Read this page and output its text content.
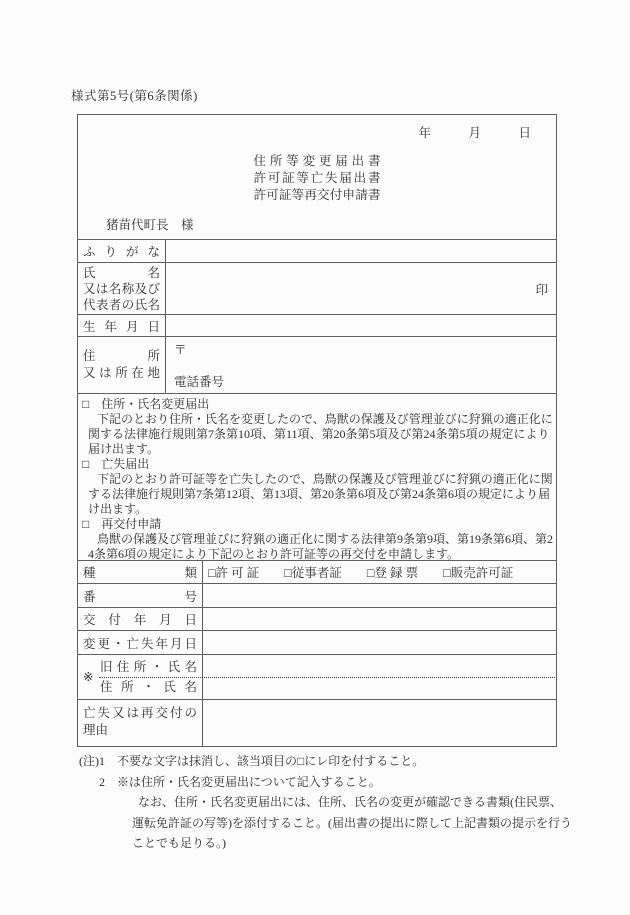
様式第5号(第6条関係)
年　　　月　　　日
住所等変更届出書
許可証等亡失届出書
許可証等再交付申請書
猪苗代町長　様
ふりがな
氏名
又は名称及び
代表者の氏名
印
生年月日
住所
又は所在地
〒
電話番号
□　住所・氏名変更届出
下記のとおり住所・氏名を変更したので、鳥獣の保護及び管理並びに狩猟の適正化に
関する法律施行規則第7条第10項、第11項、第20条第5項及び第24条第5項の規定により
届け出ます。
□　亡失届出
下記のとおり許可証等を亡失したので、鳥獣の保護及び管理並びに狩猟の適正化に関
する法律施行規則第7条第12項、第13項、第20条第6項及び第24条第6項の規定により届
け出ます。
□　再交付申請
鳥獣の保護及び管理並びに狩猟の適正化に関する法律第9条第9項、第19条第6項、第2
4条第6項の規定により下記のとおり許可証等の再交付を申請します。
種類 □許 可 証　　□従事者証　　□登 録 票　　□販売許可証
番号
交付年月日
変更・亡失年月日
※
旧住所・氏名
住所・氏名
亡失又は再交付の
理由
(注)1　不要な文字は抹消し、該当項目の□にレ印を付すること。
2　※は住所・氏名変更届出について記入すること。
なお、住所・氏名変更届出には、住所、氏名の変更が確認できる書類(住民票、
運転免許証の写等)を添付すること。(届出書の提出に際して上記書類の提示を行う
ことでも足りる。)
